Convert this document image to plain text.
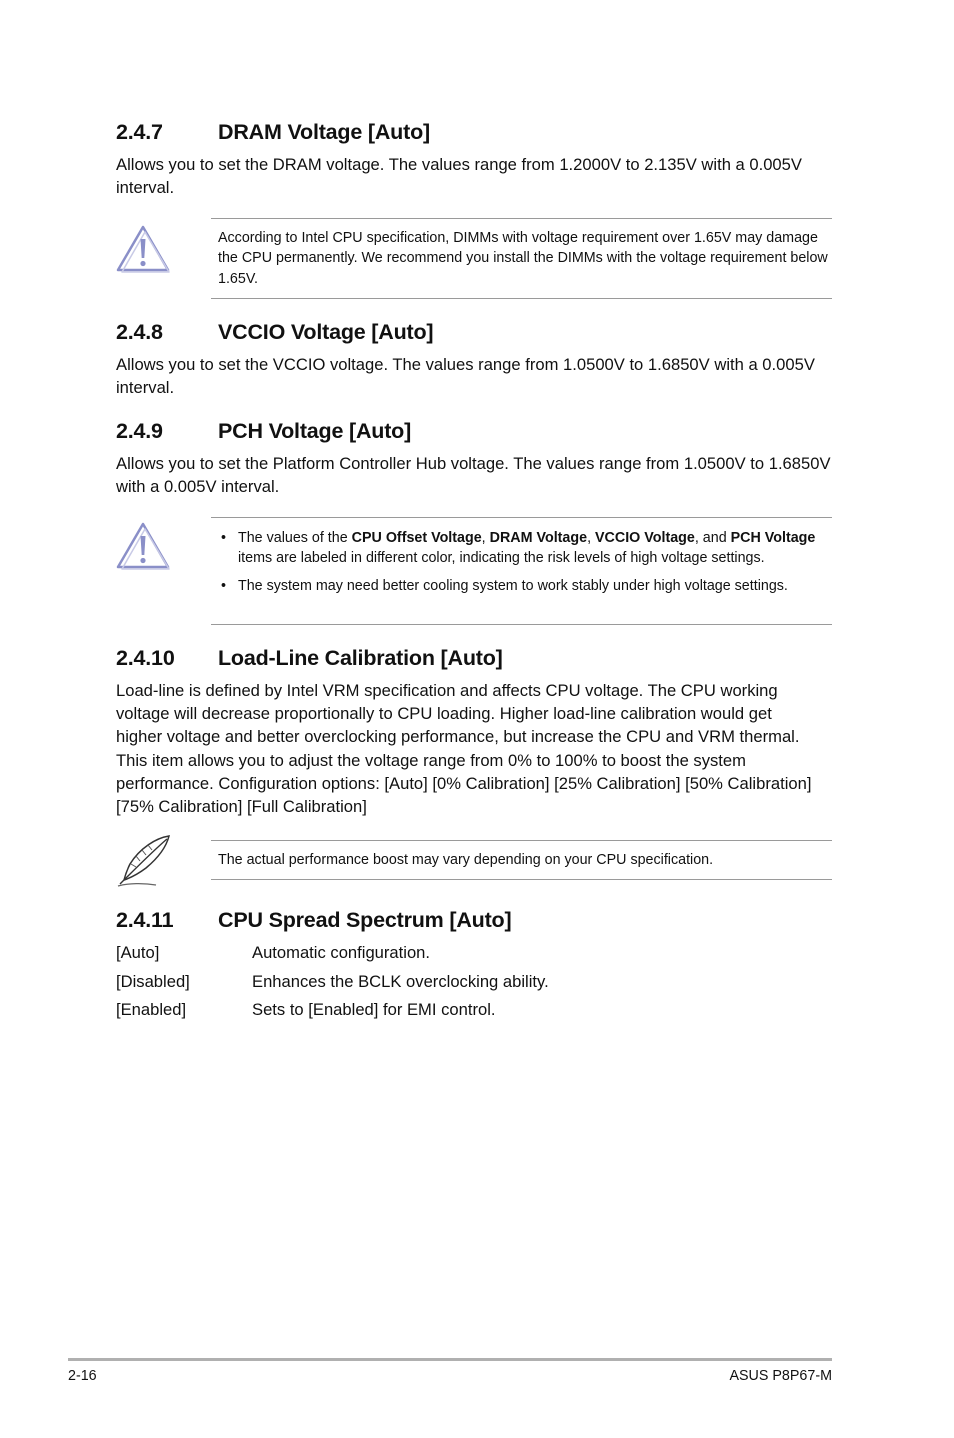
2.4.7	DRAM Voltage [Auto]

Allows you to set the DRAM voltage. The values range from 1.2000V to 2.135V with a 0.005V interval.

According to Intel CPU specification, DIMMs with voltage requirement over 1.65V may damage the CPU permanently. We recommend you install the DIMMs with the voltage requirement below 1.65V.

2.4.8	VCCIO Voltage [Auto]

Allows you to set the VCCIO voltage. The values range from 1.0500V to 1.6850V with a 0.005V interval.

2.4.9	PCH Voltage [Auto]

Allows you to set the Platform Controller Hub voltage. The values range from 1.0500V to 1.6850V with a 0.005V interval.

• The values of the CPU Offset Voltage, DRAM Voltage, VCCIO Voltage, and PCH Voltage items are labeled in different color, indicating the risk levels of high voltage settings.
• The system may need better cooling system to work stably under high voltage settings.
2.4.10 Load-Line Calibration [Auto]

Load-line is defined by Intel VRM specification and affects CPU voltage. The CPU working voltage will decrease proportionally to CPU loading. Higher load-line calibration would get higher voltage and better overclocking performance, but increase the CPU and VRM thermal. This item allows you to adjust the voltage range from 0% to 100% to boost the system performance. Configuration options: [Auto] [0% Calibration] [25% Calibration] [50% Calibration] [75% Calibration] [Full Calibration]

The actual performance boost may vary depending on your CPU specification.

2.4.11 CPU Spread Spectrum [Auto]
[Auto]	Automatic configuration.
[Disabled]	Enhances the BCLK overclocking ability.
[Enabled]	Sets to [Enabled] for EMI control.
2-16	ASUS P8P67-M
